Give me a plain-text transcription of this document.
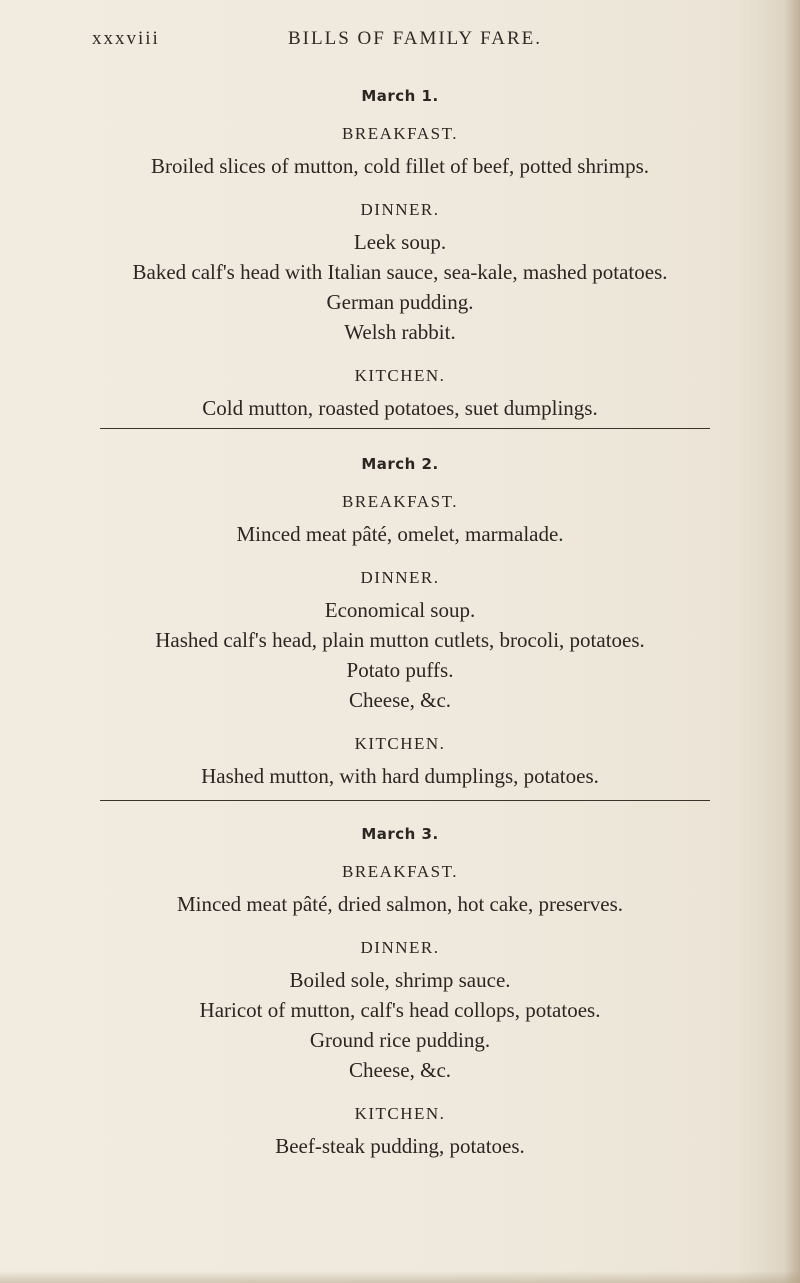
xxxviii	BILLS OF FAMILY FARE.

March 1.

BREAKFAST.

Broiled slices of mutton, cold fillet of beef, potted shrimps.

DINNER.

Leek soup.

Baked calf's head with Italian sauce, sea-kale, mashed potatoes.

German pudding.

Welsh rabbit.

KITCHEN.

Cold mutton, roasted potatoes, suet dumplings.

March 2.

BREAKFAST.

Minced meat pâté, omelet, marmalade.

DINNER.

Economical soup.

Hashed calf's head, plain mutton cutlets, brocoli, potatoes.

Potato puffs.

Cheese, &c.

KITCHEN.

Hashed mutton, with hard dumplings, potatoes.

March 3.

BREAKFAST.

Minced meat pâté, dried salmon, hot cake, preserves.

DINNER.

Boiled sole, shrimp sauce.

Haricot of mutton, calf's head collops, potatoes.

Ground rice pudding.

Cheese, &c.

KITCHEN.

Beef-steak pudding, potatoes.
